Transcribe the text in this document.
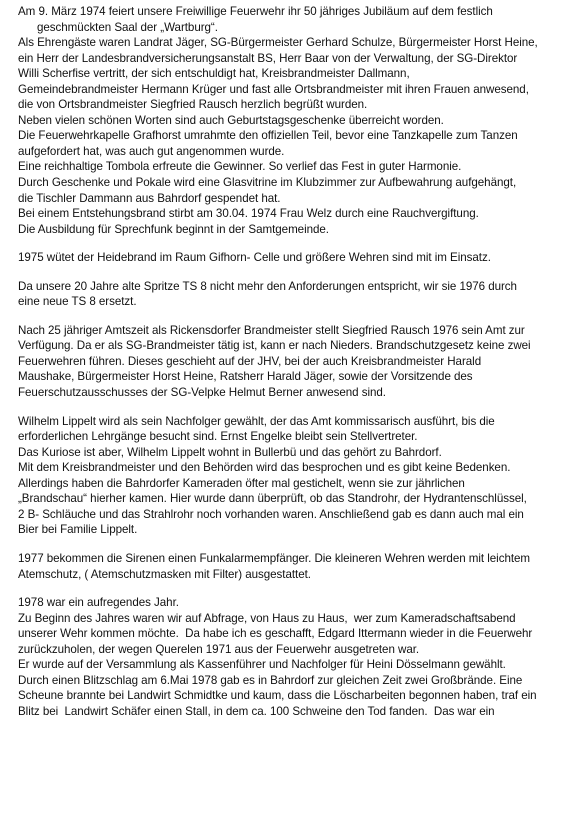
Am 9. März 1974 feiert unsere Freiwillige Feuerwehr ihr 50 jähriges Jubiläum auf dem festlich
geschmückten Saal der „Wartburg“.
Als Ehrengäste waren Landrat Jäger, SG-Bürgermeister Gerhard Schulze, Bürgermeister Horst Heine,
ein Herr der Landesbrandversicherungsanstalt BS, Herr Baar von der Verwaltung, der SG-Direktor
Willi Scherfise vertritt, der sich entschuldigt hat, Kreisbrandmeister Dallmann,
Gemeindebrandmeister Hermann Krüger und fast alle Ortsbrandmeister mit ihren Frauen anwesend,
die von Ortsbrandmeister Siegfried Rausch herzlich begrüßt wurden.
Neben vielen schönen Worten sind auch Geburtstagsgeschenke überreicht worden.
Die Feuerwehrkapelle Grafhorst umrahmte den offiziellen Teil, bevor eine Tanzkapelle zum Tanzen
aufgefordert hat, was auch gut angenommen wurde.
Eine reichhaltige Tombola erfreute die Gewinner. So verlief das Fest in guter Harmonie.
Durch Geschenke und Pokale wird eine Glasvitrine im Klubzimmer zur Aufbewahrung aufgehängt,
die Tischler Dammann aus Bahrdorf gespendet hat.
Bei einem Entstehungsbrand stirbt am 30.04. 1974 Frau Welz durch eine Rauchvergiftung.
Die Ausbildung für Sprechfunk beginnt in der Samtgemeinde.
1975 wütet der Heidebrand im Raum Gifhorn- Celle und größere Wehren sind mit im Einsatz.
Da unsere 20 Jahre alte Spritze TS 8 nicht mehr den Anforderungen entspricht, wir sie 1976 durch
eine neue TS 8 ersetzt.
Nach 25 jähriger Amtszeit als Rickensdorfer Brandmeister stellt Siegfried Rausch 1976 sein Amt zur
Verfügung. Da er als SG-Brandmeister tätig ist, kann er nach Nieders. Brandschutzgesetz keine zwei
Feuerwehren führen. Dieses geschieht auf der JHV, bei der auch Kreisbrandmeister Harald
Maushake, Bürgermeister Horst Heine, Ratsherr Harald Jäger, sowie der Vorsitzende des
Feuerschutzausschusses der SG-Velpke Helmut Berner anwesend sind.
Wilhelm Lippelt wird als sein Nachfolger gewählt, der das Amt kommissarisch ausführt, bis die
erforderlichen Lehrgänge besucht sind. Ernst Engelke bleibt sein Stellvertreter.
Das Kuriose ist aber, Wilhelm Lippelt wohnt in Bullerbü und das gehört zu Bahrdorf.
Mit dem Kreisbrandmeister und den Behörden wird das besprochen und es gibt keine Bedenken.
Allerdings haben die Bahrdorfer Kameraden öfter mal gestichelt, wenn sie zur jährlichen
„Brandschau“ hierher kamen. Hier wurde dann überprüft, ob das Standrohr, der Hydrantenschlüssel,
2 B- Schläuche und das Strahlrohr noch vorhanden waren. Anschließend gab es dann auch mal ein
Bier bei Familie Lippelt.
1977 bekommen die Sirenen einen Funkalarmempfänger. Die kleineren Wehren werden mit leichtem
Atemschutz, ( Atemschutzmasken mit Filter) ausgestattet.
1978 war ein aufregendes Jahr.
Zu Beginn des Jahres waren wir auf Abfrage, von Haus zu Haus,  wer zum Kameradschaftsabend
unserer Wehr kommen möchte.  Da habe ich es geschafft, Edgard Ittermann wieder in die Feuerwehr
zurückzuholen, der wegen Querelen 1971 aus der Feuerwehr ausgetreten war.
Er wurde auf der Versammlung als Kassenführer und Nachfolger für Heini Dösselmann gewählt.
Durch einen Blitzschlag am 6.Mai 1978 gab es in Bahrdorf zur gleichen Zeit zwei Großbrände. Eine
Scheune brannte bei Landwirt Schmidtke und kaum, dass die Löscharbeiten begonnen haben, traf ein
Blitz bei  Landwirt Schäfer einen Stall, in dem ca. 100 Schweine den Tod fanden.  Das war ein
